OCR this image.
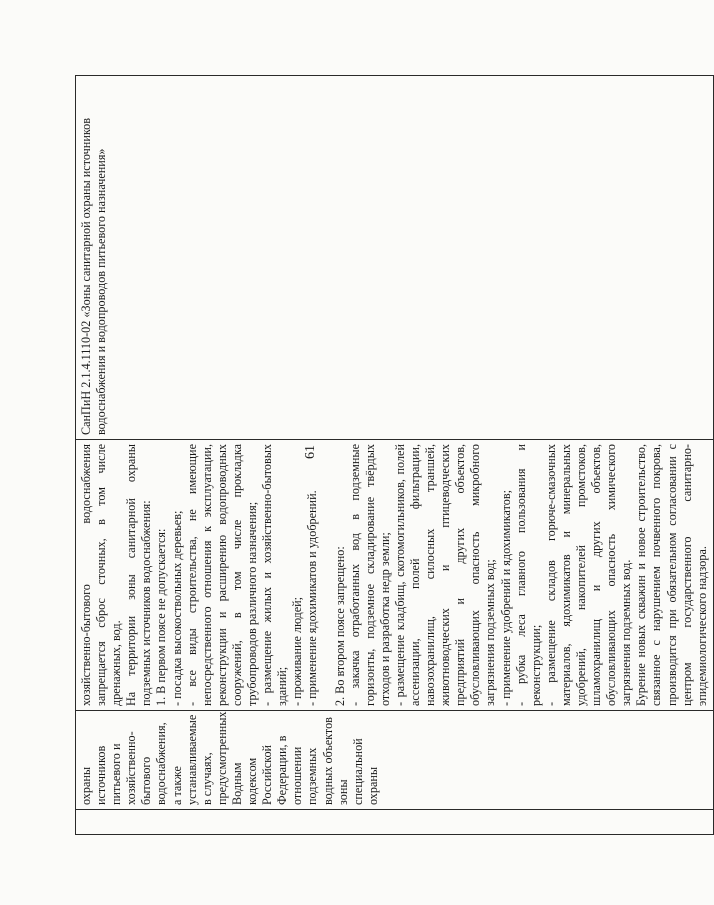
61

охраны источников питьевого и хозяйственно-бытового водоснабжения, а также устанавливаемые в случаях, предусмотренных Водным кодексом Российской Федерации, в отношении подземных водных объектов зоны специальной охраны

хозяйственно-бытового водоснабжения запрещается сброс сточных, в том числе дренажных, вод. На территории зоны санитарной охраны подземных источников водоснабжения: 1. В первом поясе не допускается: - посадка высокоствольных деревьев; - все виды строительства, не имеющие непосредственного отношения к эксплуатации, реконструкции и расширению водопроводных сооружений, в том числе прокладка трубопроводов различного назначения; - размещение жилых и хозяйственно-бытовых зданий; - проживание людей; - применение ядохимикатов и удобрений. 2. Во втором поясе запрещено: - закачка отработанных вод в подземные горизонты, подземное складирование твёрдых отходов и разработка недр земли; - размещение кладбищ, скотомогильников, полей ассенизации, полей фильтрации, навозохранилищ, силосных траншей, животноводческих и птицеводческих предприятий и других объектов, обусловливающих опасность микробного загрязнения подземных вод; - применение удобрений и ядохимикатов; - рубка леса главного пользования и реконструкции; - размещение складов горюче-смазочных материалов, ядохимикатов и минеральных удобрений, накопителей промстоков, шламохранилищ и других объектов, обусловливающих опасность химического загрязнения подземных вод. Бурение новых скважин и новое строительство, связанное с нарушением почвенного покрова, производится при обязательном согласовании с центром государственного санитарно- эпидемиологического надзора.

СанПиН 2.1.4.1110-02 «Зоны санитарной охраны источников водоснабжения и водопроводов питьевого назначения»
